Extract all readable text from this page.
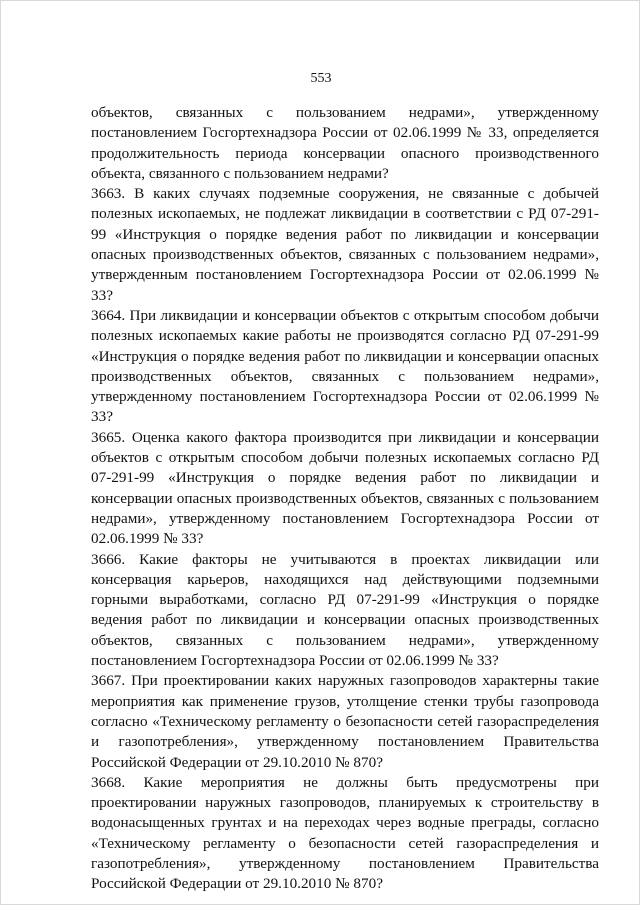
553

объектов, связанных с пользованием недрами», утвержденному постановлением Госгортехнадзора России от 02.06.1999 № 33, определяется продолжительность периода консервации опасного производственного объекта, связанного с пользованием недрами?

3663. В каких случаях подземные сооружения, не связанные с добычей полезных ископаемых, не подлежат ликвидации в соответствии с РД 07-291-99 «Инструкция о порядке ведения работ по ликвидации и консервации опасных производственных объектов, связанных с пользованием недрами», утвержденным постановлением Госгортехнадзора России от 02.06.1999 № 33?

3664. При ликвидации и консервации объектов с открытым способом добычи полезных ископаемых какие работы не производятся согласно РД 07-291-99 «Инструкция о порядке ведения работ по ликвидации и консервации опасных производственных объектов, связанных с пользованием недрами», утвержденному постановлением Госгортехнадзора России от 02.06.1999 № 33?

3665. Оценка какого фактора производится при ликвидации и консервации объектов с открытым способом добычи полезных ископаемых согласно РД 07-291-99 «Инструкция о порядке ведения работ по ликвидации и консервации опасных производственных объектов, связанных с пользованием недрами», утвержденному постановлением Госгортехнадзора России от 02.06.1999 № 33?

3666. Какие факторы не учитываются в проектах ликвидации или консервация карьеров, находящихся над действующими подземными горными выработками, согласно РД 07-291-99 «Инструкция о порядке ведения работ по ликвидации и консервации опасных производственных объектов, связанных с пользованием недрами», утвержденному постановлением Госгортехнадзора России от 02.06.1999 № 33?

3667. При проектировании каких наружных газопроводов характерны такие мероприятия как применение грузов, утолщение стенки трубы газопровода согласно «Техническому регламенту о безопасности сетей газораспределения и газопотребления», утвержденному постановлением Правительства Российской Федерации от 29.10.2010 № 870?

3668. Какие мероприятия не должны быть предусмотрены при проектировании наружных газопроводов, планируемых к строительству в водонасыщенных грунтах и на переходах через водные преграды, согласно «Техническому регламенту о безопасности сетей газораспределения и газопотребления», утвержденному постановлением Правительства Российской Федерации от 29.10.2010 № 870?
